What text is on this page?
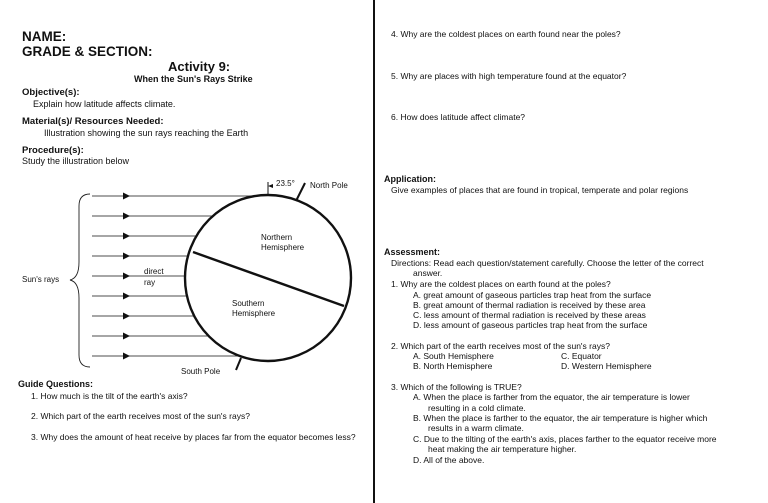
NAME:
GRADE & SECTION:
Activity 9:
When the Sun's Rays Strike
Objective(s):
Explain how latitude affects climate.
Material(s)/ Resources Needed:
Illustration showing the sun rays reaching the Earth
Procedure(s):
Study the illustration below
23.5° North Pole
Northern
Hemisphere
Southern
Hemisphere
direct
ray
Sun's rays
South Pole
Guide Questions:
1. How much is the tilt of the earth's axis?
2. Which part of the earth receives most of the sun's rays?
3. Why does the amount of heat receive by places far from the equator becomes less?
4. Why are the coldest places on earth found near the poles?
5. Why are places with high temperature found at the equator?
6. How does latitude affect climate?
Application:
Give examples of places that are found in tropical, temperate and polar regions
Assessment:
Directions: Read each question/statement carefully. Choose the letter of the correct
answer.
1. Why are the coldest places on earth found at the poles?
A. great amount of gaseous particles trap heat from the surface
B. great amount of thermal radiation is received by these area
C. less amount of thermal radiation is received by these areas
D. less amount of gaseous particles trap heat from the surface
2. Which part of the earth receives most of the sun's rays?
A. South Hemisphere	C. Equator
B. North Hemisphere	D. Western Hemisphere
3. Which of the following is TRUE?
A. When the place is farther from the equator, the air temperature is lower
resulting in a cold climate.
B. When the place is farther to the equator, the air temperature is higher which
results in a warm climate.
C. Due to the tilting of the earth's axis, places farther to the equator receive more
heat making the air temperature higher.
D. All of the above.
